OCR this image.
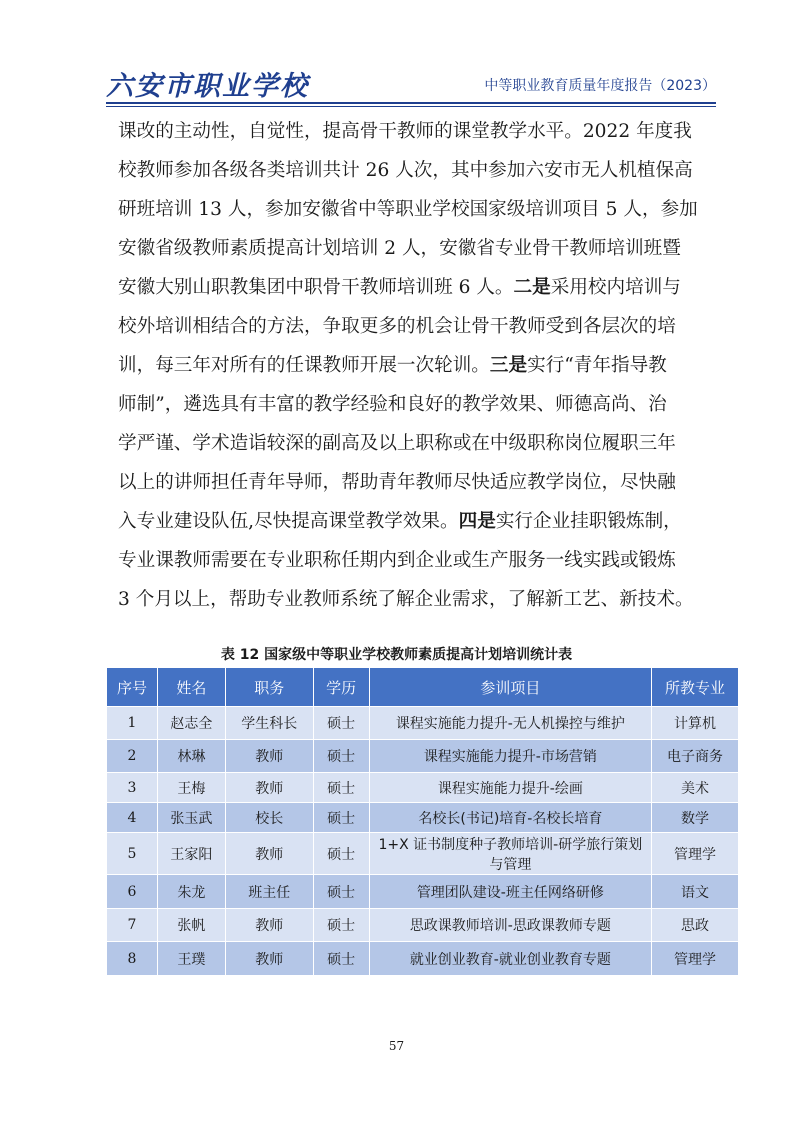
六安市职业学校	中等职业教育质量年度报告（2023）
课改的主动性，自觉性，提高骨干教师的课堂教学水平。2022 年度我
校教师参加各级各类培训共计 26 人次，其中参加六安市无人机植保高
研班培训 13 人，参加安徽省中等职业学校国家级培训项目 5 人，参加
安徽省级教师素质提高计划培训 2 人，安徽省专业骨干教师培训班暨
安徽大别山职教集团中职骨干教师培训班 6 人。二是采用校内培训与
校外培训相结合的方法，争取更多的机会让骨干教师受到各层次的培
训，每三年对所有的任课教师开展一次轮训。三是实行“青年指导教
师制”，遴选具有丰富的教学经验和良好的教学效果、师德高尚、治
学严谨、学术造诣较深的副高及以上职称或在中级职称岗位履职三年
以上的讲师担任青年导师，帮助青年教师尽快适应教学岗位，尽快融
入专业建设队伍,尽快提高课堂教学效果。四是实行企业挂职锻炼制，
专业课教师需要在专业职称任期内到企业或生产服务一线实践或锻炼
3 个月以上，帮助专业教师系统了解企业需求，了解新工艺、新技术。
表 12 国家级中等职业学校教师素质提高计划培训统计表
序号	姓名	职务	学历	参训项目	所教专业
1	赵志全	学生科长	硕士	课程实施能力提升-无人机操控与维护	计算机
2	林琳	教师	硕士	课程实施能力提升-市场营销	电子商务
3	王梅	教师	硕士	课程实施能力提升-绘画	美术
4	张玉武	校长	硕士	名校长(书记)培育-名校长培育	数学
5	王家阳	教师	硕士	1+X 证书制度种子教师培训-研学旅行策划与管理	管理学
6	朱龙	班主任	硕士	管理团队建设-班主任网络研修	语文
7	张帆	教师	硕士	思政课教师培训-思政课教师专题	思政
8	王璞	教师	硕士	就业创业教育-就业创业教育专题	管理学
57
